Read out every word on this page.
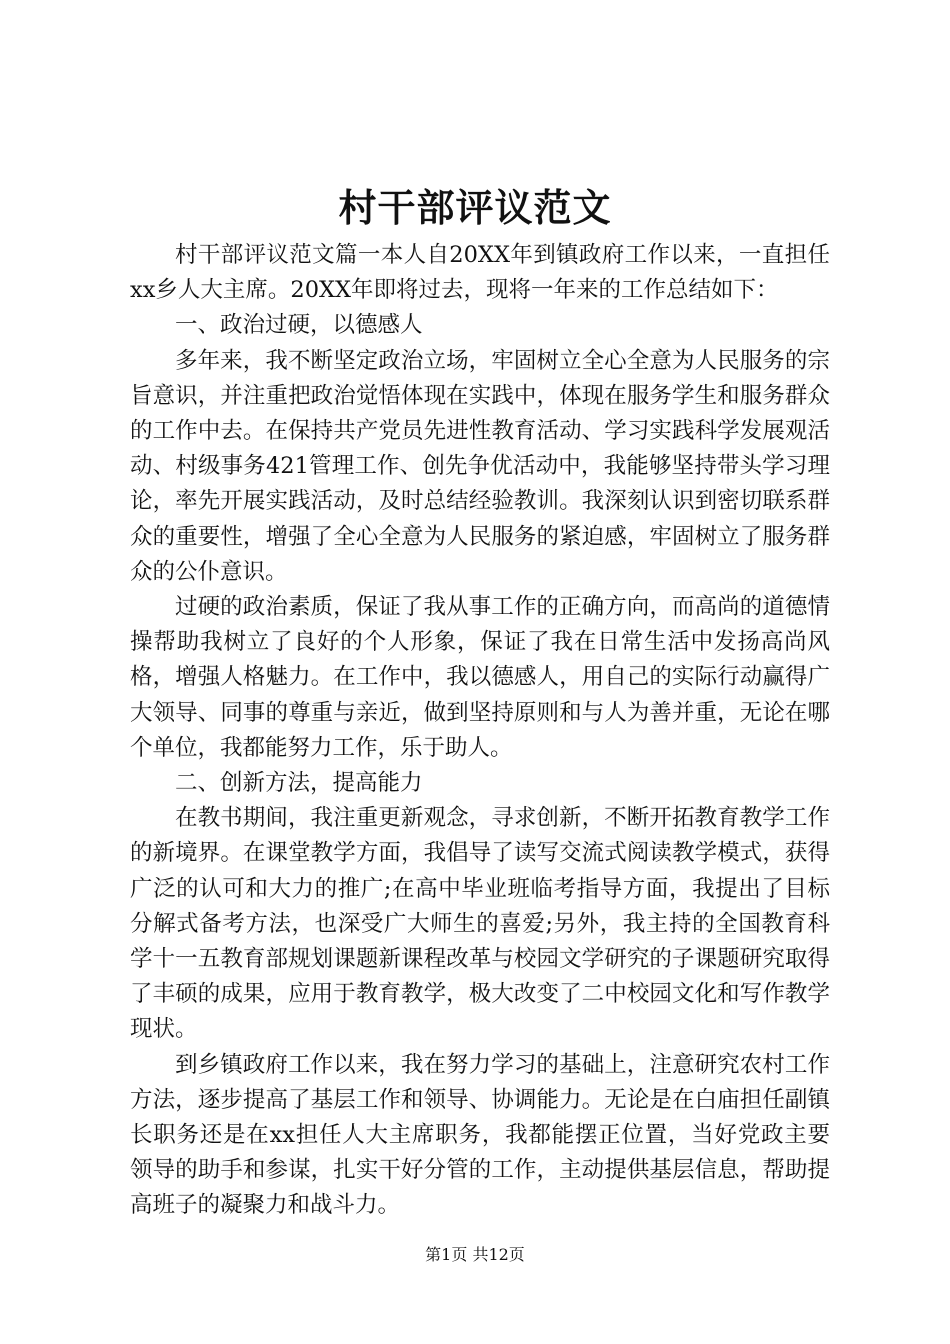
村干部评议范文

村干部评议范文篇一本人自20XX年到镇政府工作以来，一直担任xx乡人大主席。20XX年即将过去，现将一年来的工作总结如下：

一、政治过硬，以德感人

多年来，我不断坚定政治立场，牢固树立全心全意为人民服务的宗旨意识，并注重把政治觉悟体现在实践中，体现在服务学生和服务群众的工作中去。在保持共产党员先进性教育活动、学习实践科学发展观活动、村级事务421管理工作、创先争优活动中，我能够坚持带头学习理论，率先开展实践活动，及时总结经验教训。我深刻认识到密切联系群众的重要性，增强了全心全意为人民服务的紧迫感，牢固树立了服务群众的公仆意识。

过硬的政治素质，保证了我从事工作的正确方向，而高尚的道德情操帮助我树立了良好的个人形象，保证了我在日常生活中发扬高尚风格，增强人格魅力。在工作中，我以德感人，用自己的实际行动赢得广大领导、同事的尊重与亲近，做到坚持原则和与人为善并重，无论在哪个单位，我都能努力工作，乐于助人。

二、创新方法，提高能力

在教书期间，我注重更新观念，寻求创新，不断开拓教育教学工作的新境界。在课堂教学方面，我倡导了读写交流式阅读教学模式，获得广泛的认可和大力的推广;在高中毕业班临考指导方面，我提出了目标分解式备考方法，也深受广大师生的喜爱;另外，我主持的全国教育科学十一五教育部规划课题新课程改革与校园文学研究的子课题研究取得了丰硕的成果，应用于教育教学，极大改变了二中校园文化和写作教学现状。

到乡镇政府工作以来，我在努力学习的基础上，注意研究农村工作方法，逐步提高了基层工作和领导、协调能力。无论是在白庙担任副镇长职务还是在xx担任人大主席职务，我都能摆正位置，当好党政主要领导的助手和参谋，扎实干好分管的工作，主动提供基层信息，帮助提高班子的凝聚力和战斗力。

第1页 共12页
